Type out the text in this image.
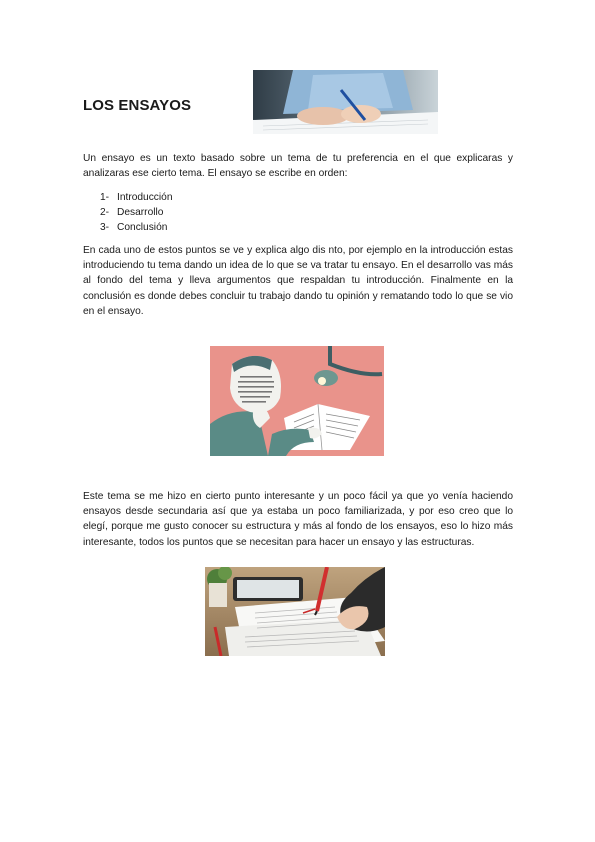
LOS ENSAYOS

Un ensayo es un texto basado sobre un tema de tu preferencia en el que explicaras y analizaras ese cierto tema. El ensayo se escribe en orden:

1- Introducción
2- Desarrollo
3- Conclusión

En cada uno de estos puntos se ve y explica algo dis nto, por ejemplo en la introducción estas introduciendo tu tema dando un idea de lo que se va tratar tu ensayo. En el desarrollo vas más al fondo del tema y lleva argumentos que respaldan tu introducción. Finalmente en la conclusión es donde debes concluir tu trabajo dando tu opinión y rematando todo lo que se vio en el ensayo.

Este tema se me hizo en cierto punto interesante y un poco fácil ya que yo venía haciendo ensayos desde secundaria así que ya estaba un poco familiarizada, y por eso creo que lo elegí, porque me gusto conocer su estructura y más al fondo de los ensayos, eso lo hizo más interesante, todos los puntos que se necesitan para hacer un ensayo y las estructuras.
